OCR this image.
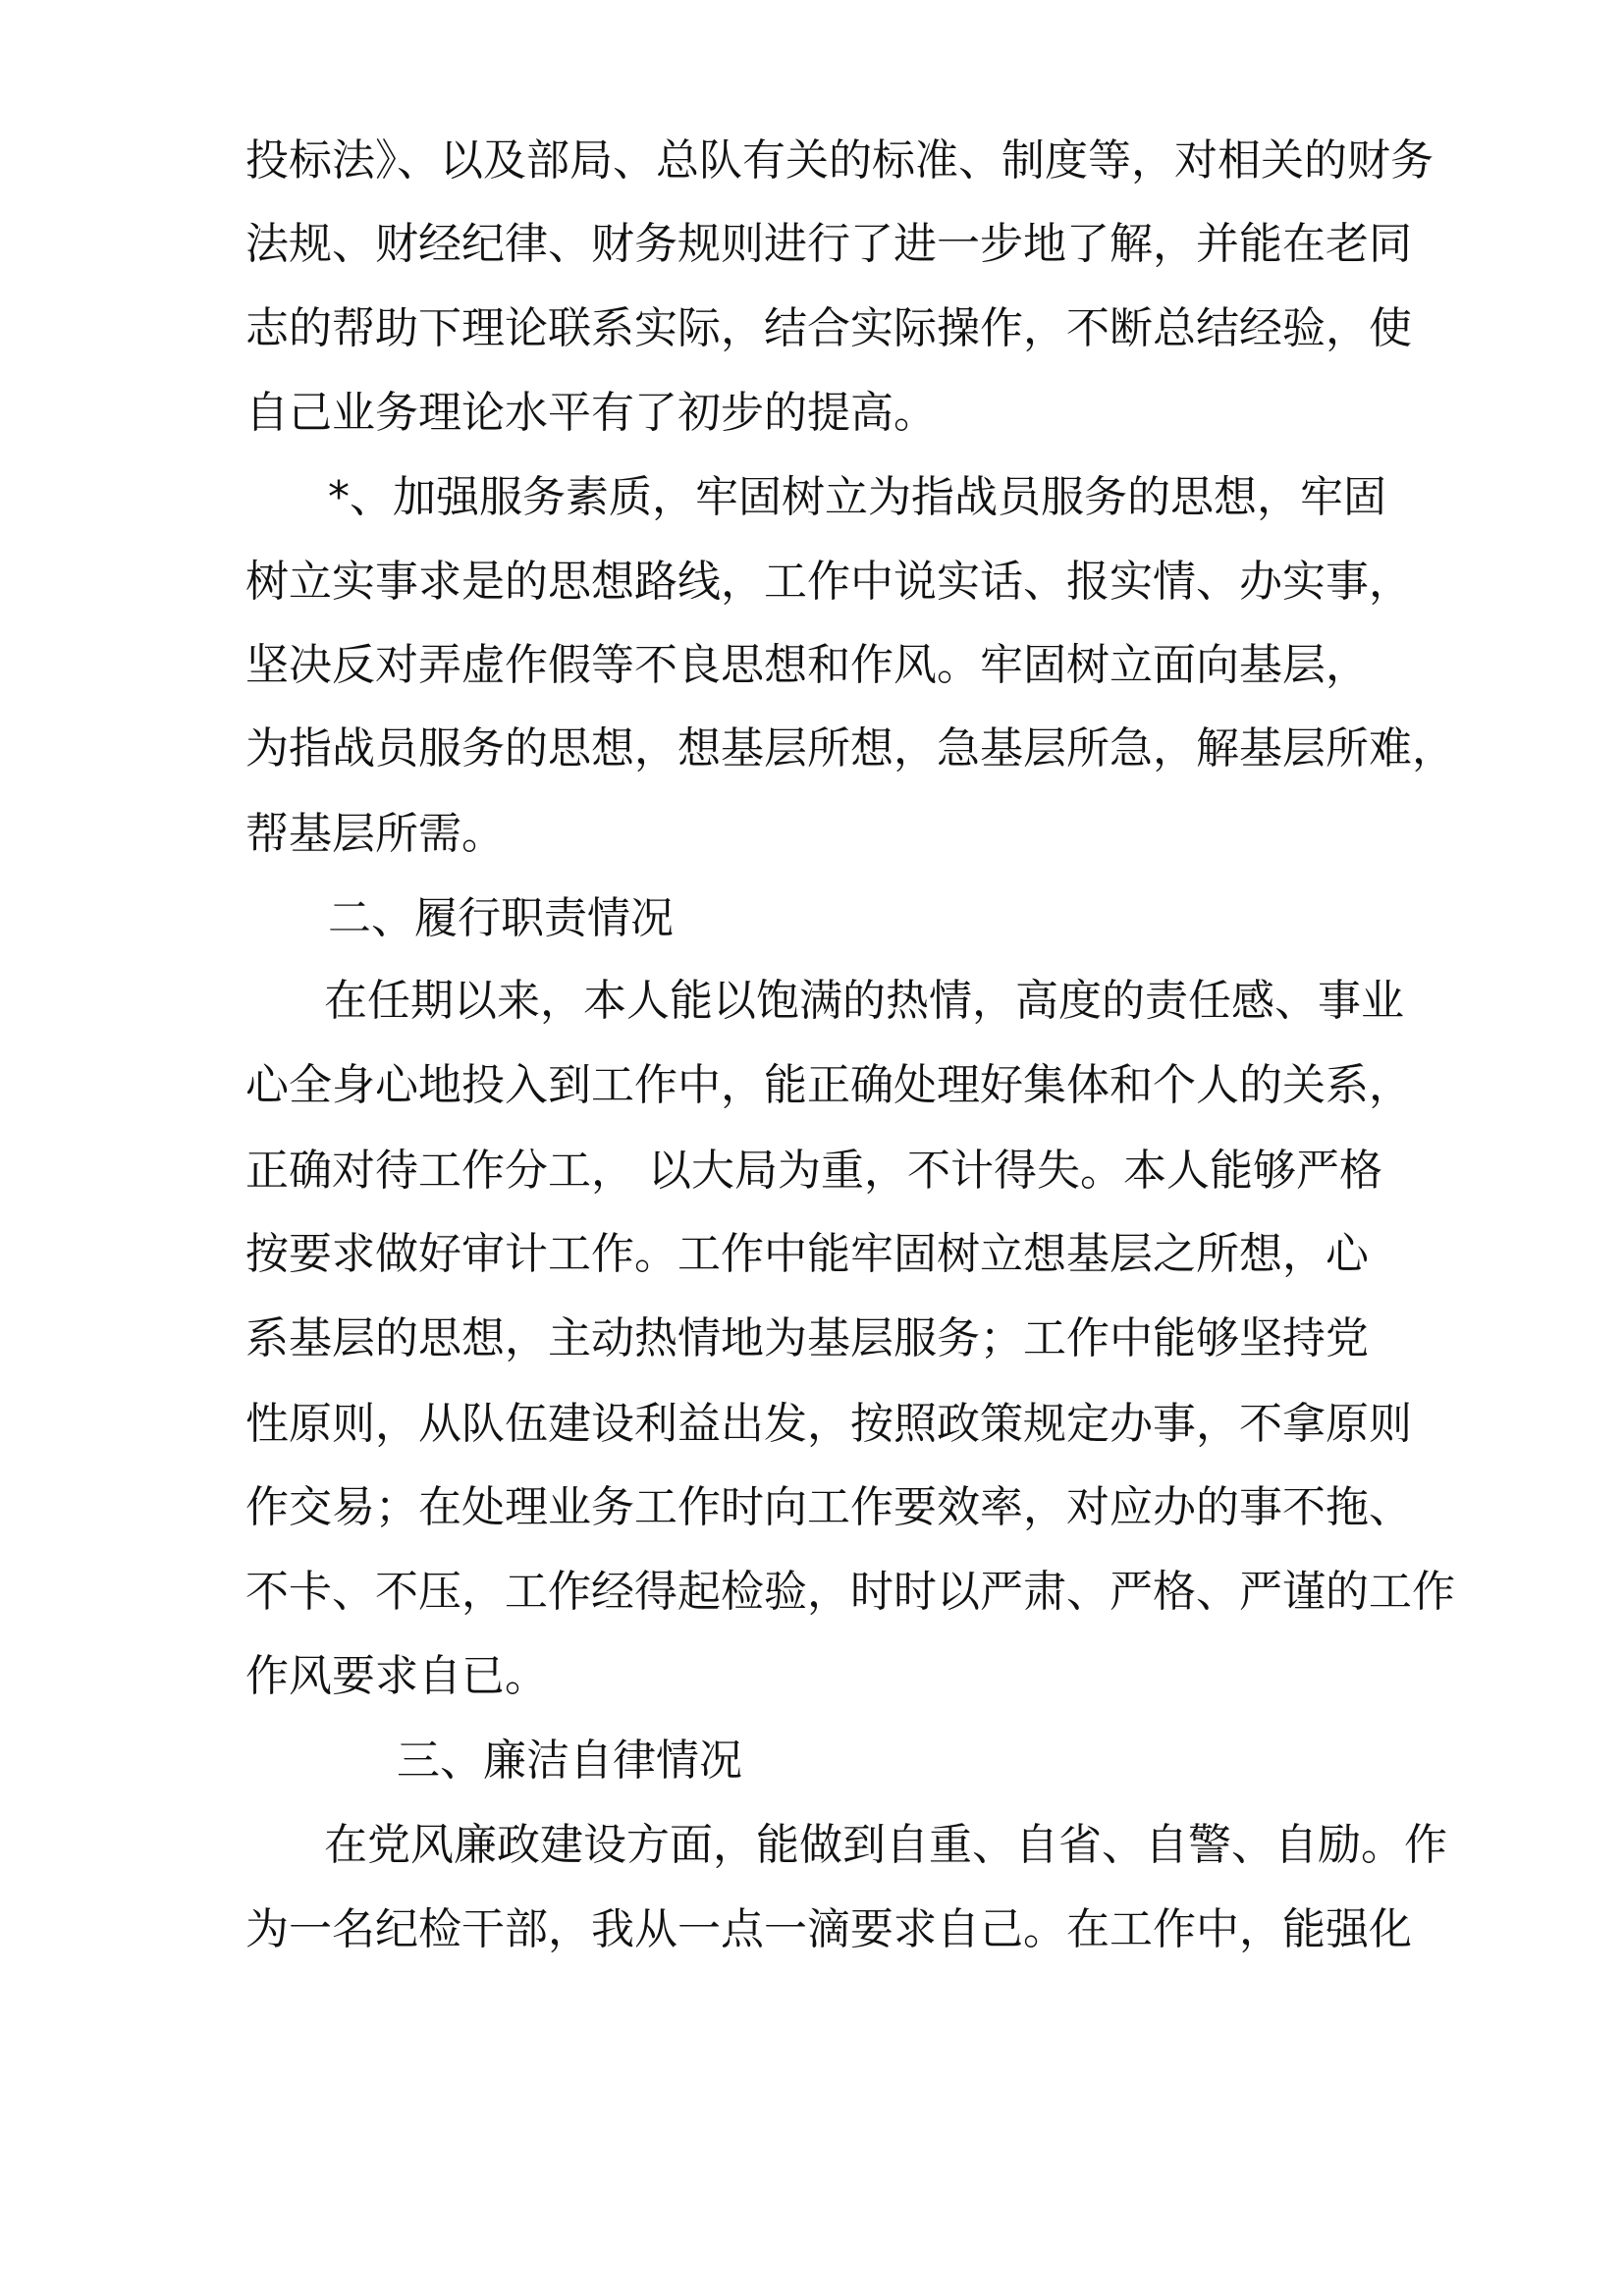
投标法》、以及部局、总队有关的标准、制度等，对相关的财务
法规、财经纪律、财务规则进行了进一步地了解，并能在老同
志的帮助下理论联系实际，结合实际操作，不断总结经验，使
自己业务理论水平有了初步的提高。
*、加强服务素质，牢固树立为指战员服务的思想，牢固
树立实事求是的思想路线，工作中说实话、报实情、办实事，
坚决反对弄虚作假等不良思想和作风。牢固树立面向基层，
为指战员服务的思想，想基层所想，急基层所急，解基层所难，
帮基层所需。
二、履行职责情况
在任期以来，本人能以饱满的热情，高度的责任感、事业
心全身心地投入到工作中，能正确处理好集体和个人的关系，
正确对待工作分工， 以大局为重，不计得失。本人能够严格
按要求做好审计工作。工作中能牢固树立想基层之所想，心
系基层的思想，主动热情地为基层服务；工作中能够坚持党
性原则，从队伍建设利益出发，按照政策规定办事，不拿原则
作交易；在处理业务工作时向工作要效率，对应办的事不拖、
不卡、不压，工作经得起检验，时时以严肃、严格、严谨的工作
作风要求自已。
三、廉洁自律情况
在党风廉政建设方面，能做到自重、自省、自警、自励。作
为一名纪检干部，我从一点一滴要求自己。在工作中，能强化
